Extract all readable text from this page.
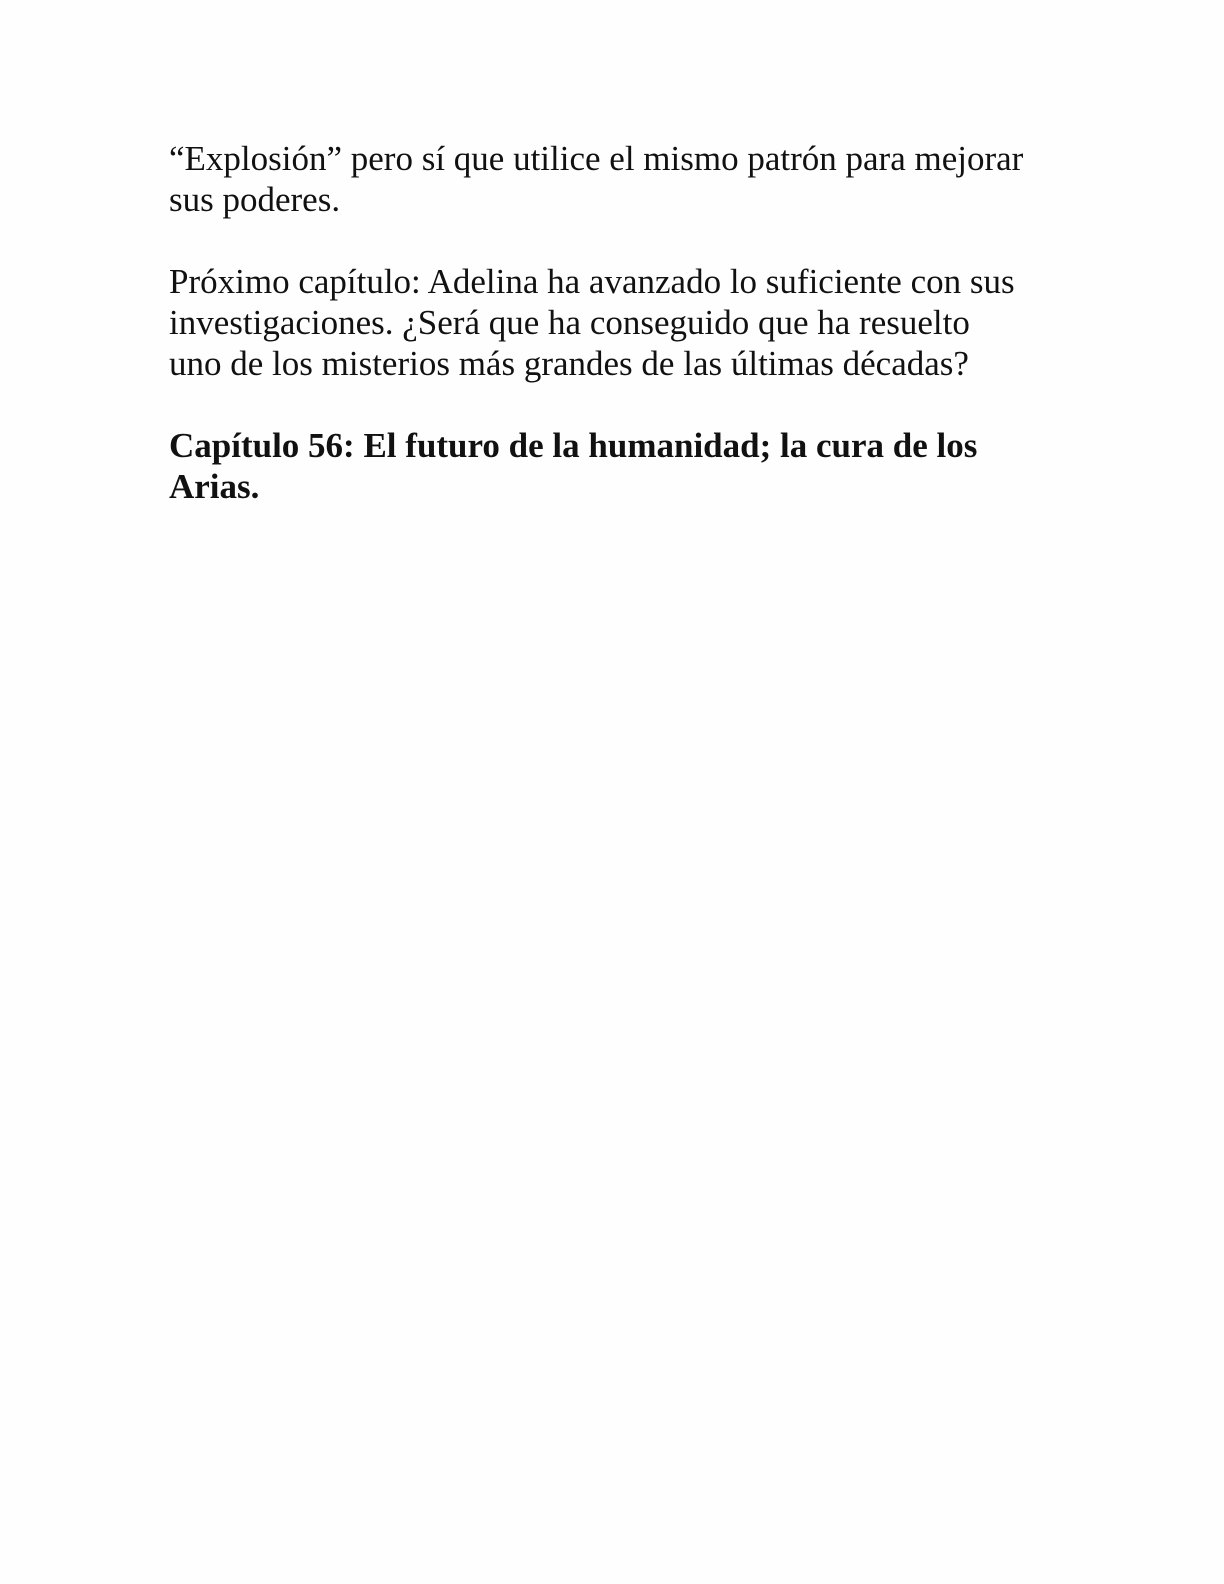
“Explosión” pero sí que utilice el mismo patrón para mejorar
sus poderes.

Próximo capítulo: Adelina ha avanzado lo suficiente con sus
investigaciones. ¿Será que ha conseguido que ha resuelto
uno de los misterios más grandes de las últimas décadas?

Capítulo 56: El futuro de la humanidad; la cura de los
Arias.
